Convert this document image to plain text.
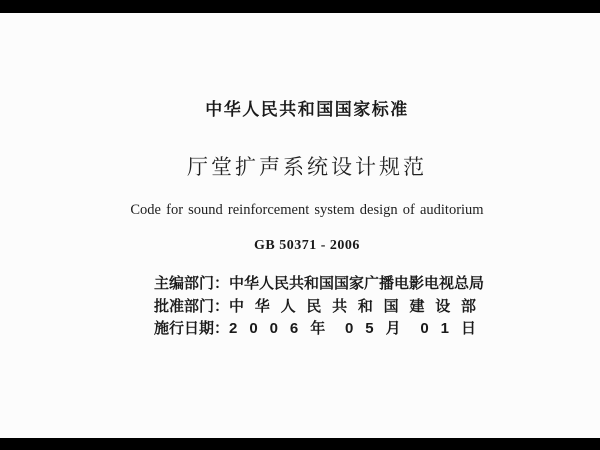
中华人民共和国国家标准
厅堂扩声系统设计规范
Code for sound reinforcement system design of auditorium
GB 50371 - 2006
主编部门： 中华人民共和国国家广播电影电视总局
批准部门： 中 华 人 民 共 和 国 建 设 部
施行日期： 2 0 0 6 年 0 5 月 0 1 日
